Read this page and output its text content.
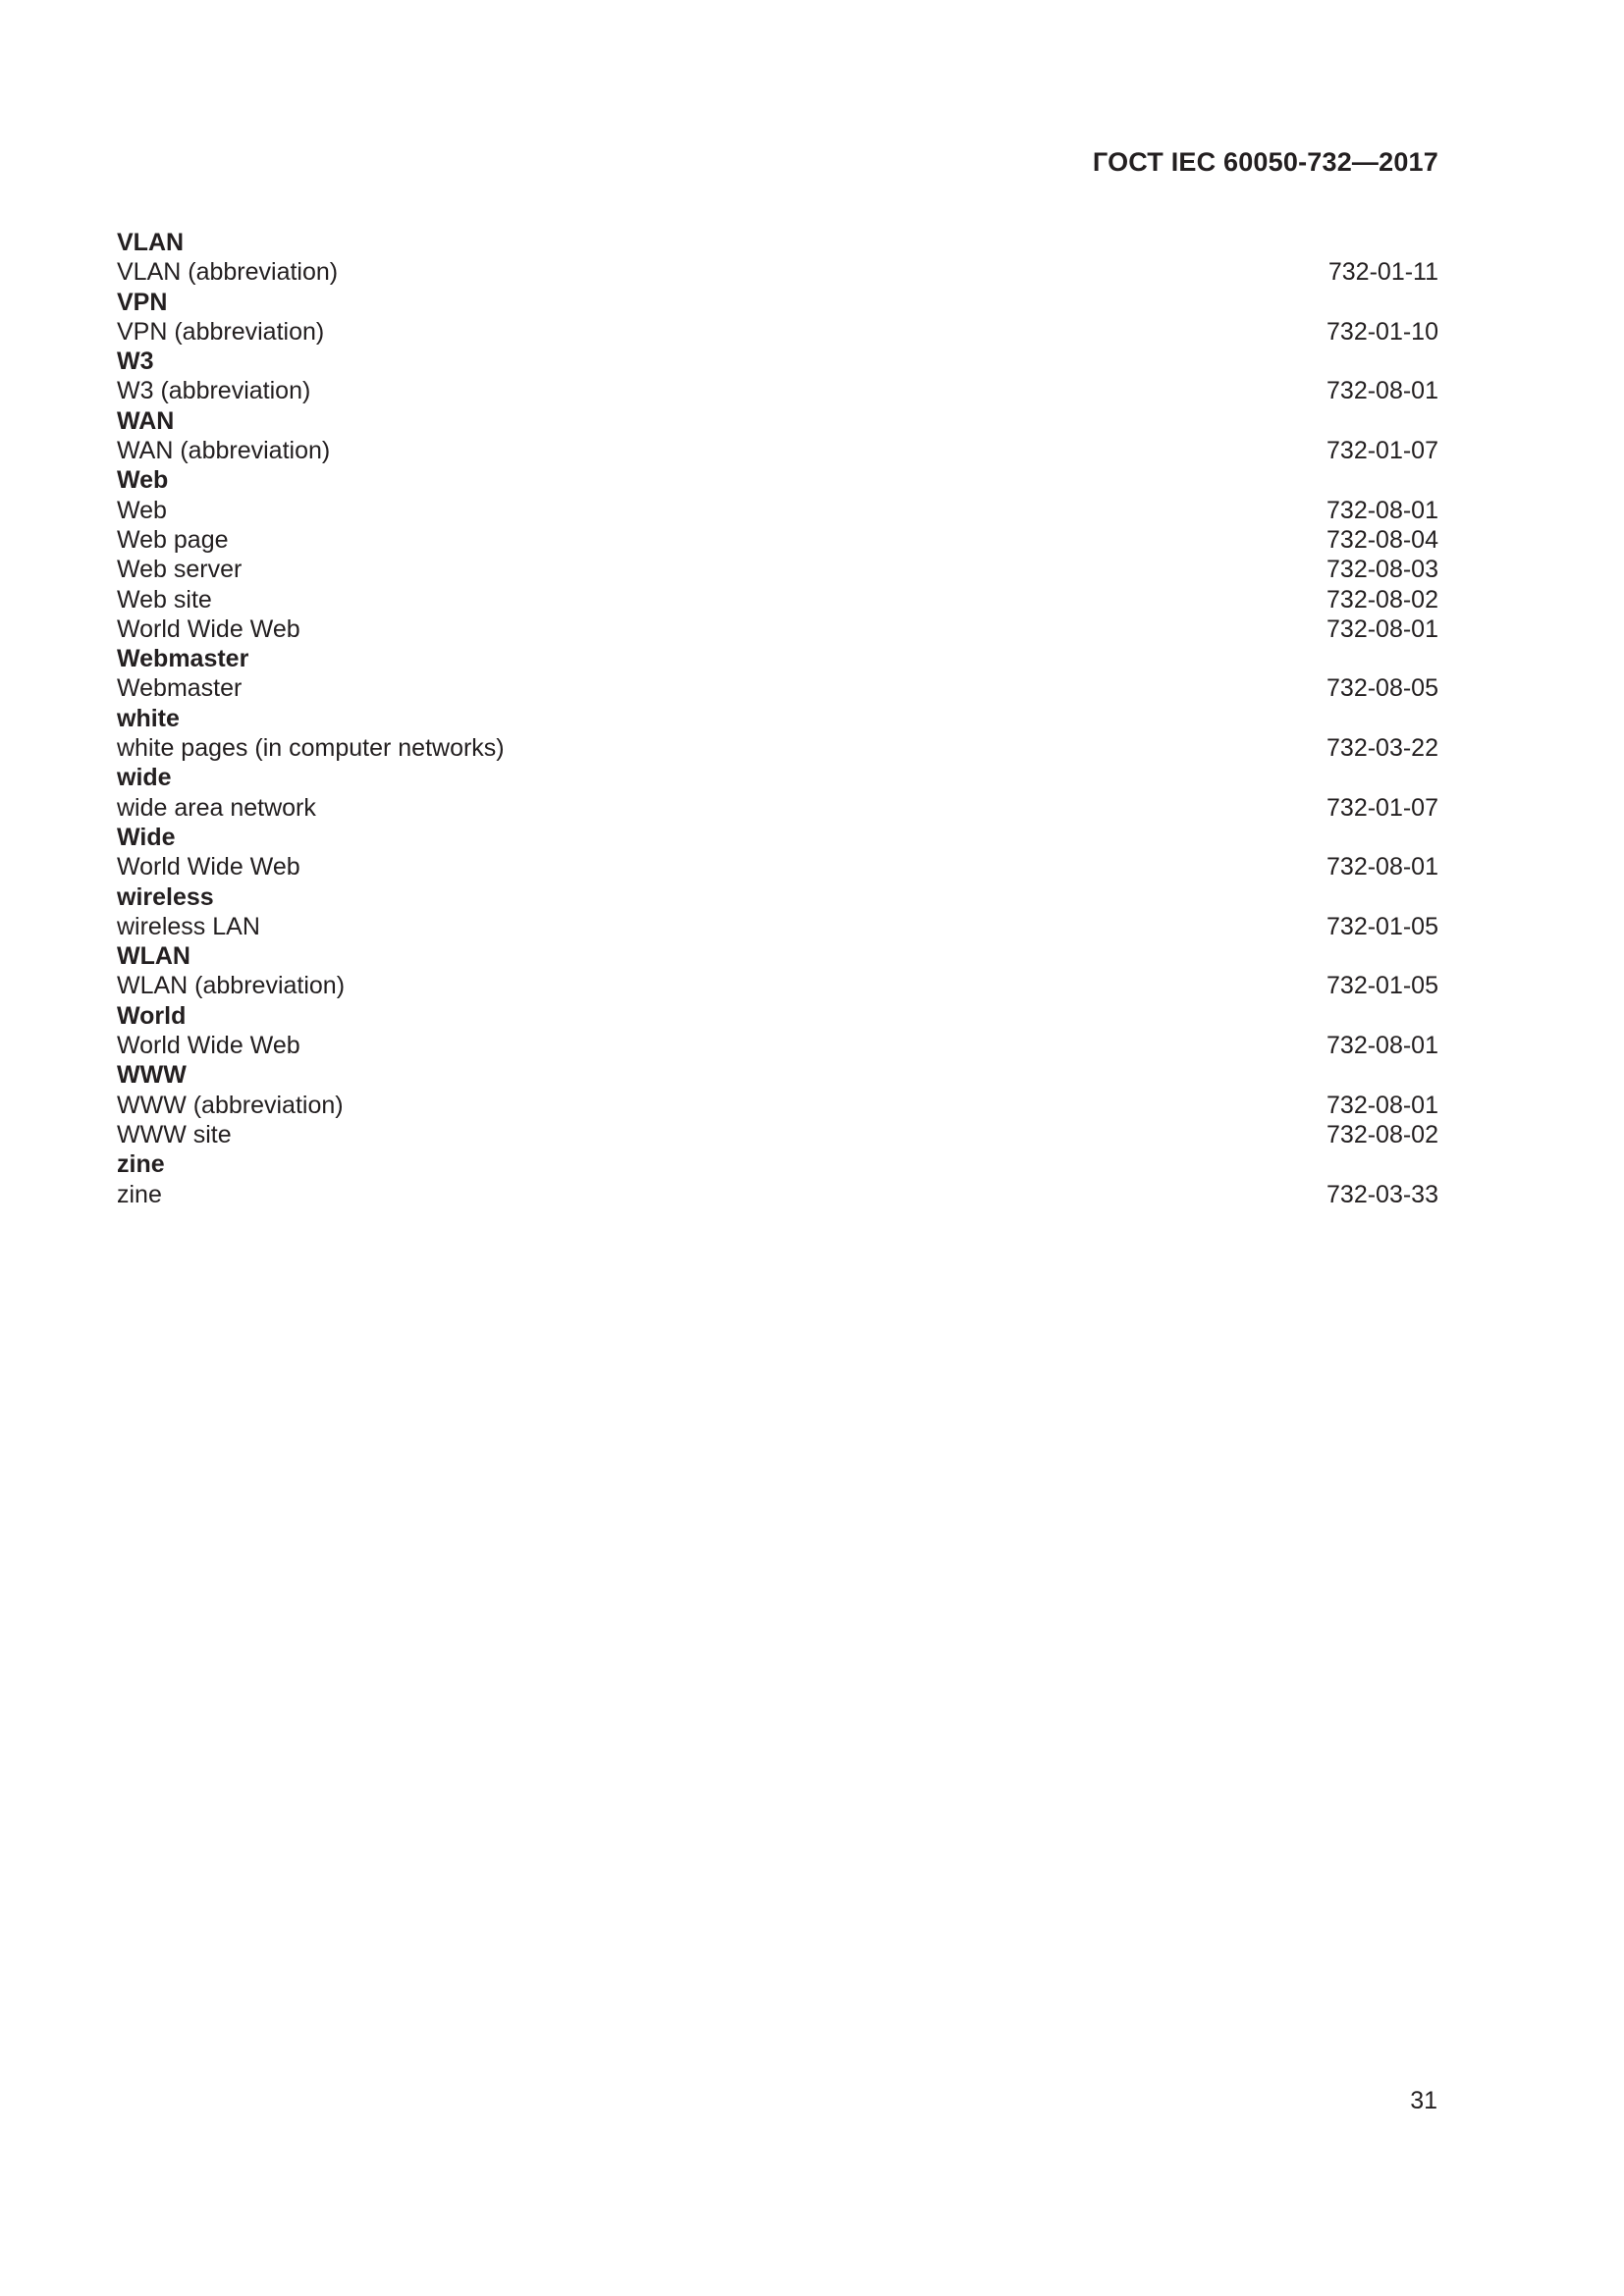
ГОСТ IEC 60050-732—2017
VLAN
VLAN (abbreviation)	732-01-11
VPN
VPN (abbreviation)	732-01-10
W3
W3 (abbreviation)	732-08-01
WAN
WAN (abbreviation)	732-01-07
Web
Web	732-08-01
Web page	732-08-04
Web server	732-08-03
Web site	732-08-02
World Wide Web	732-08-01
Webmaster
Webmaster	732-08-05
white
white pages (in computer networks)	732-03-22
wide
wide area network	732-01-07
Wide
World Wide Web	732-08-01
wireless
wireless LAN	732-01-05
WLAN
WLAN (abbreviation)	732-01-05
World
World Wide Web	732-08-01
WWW
WWW (abbreviation)	732-08-01
WWW site	732-08-02
zine
zine	732-03-33
31
